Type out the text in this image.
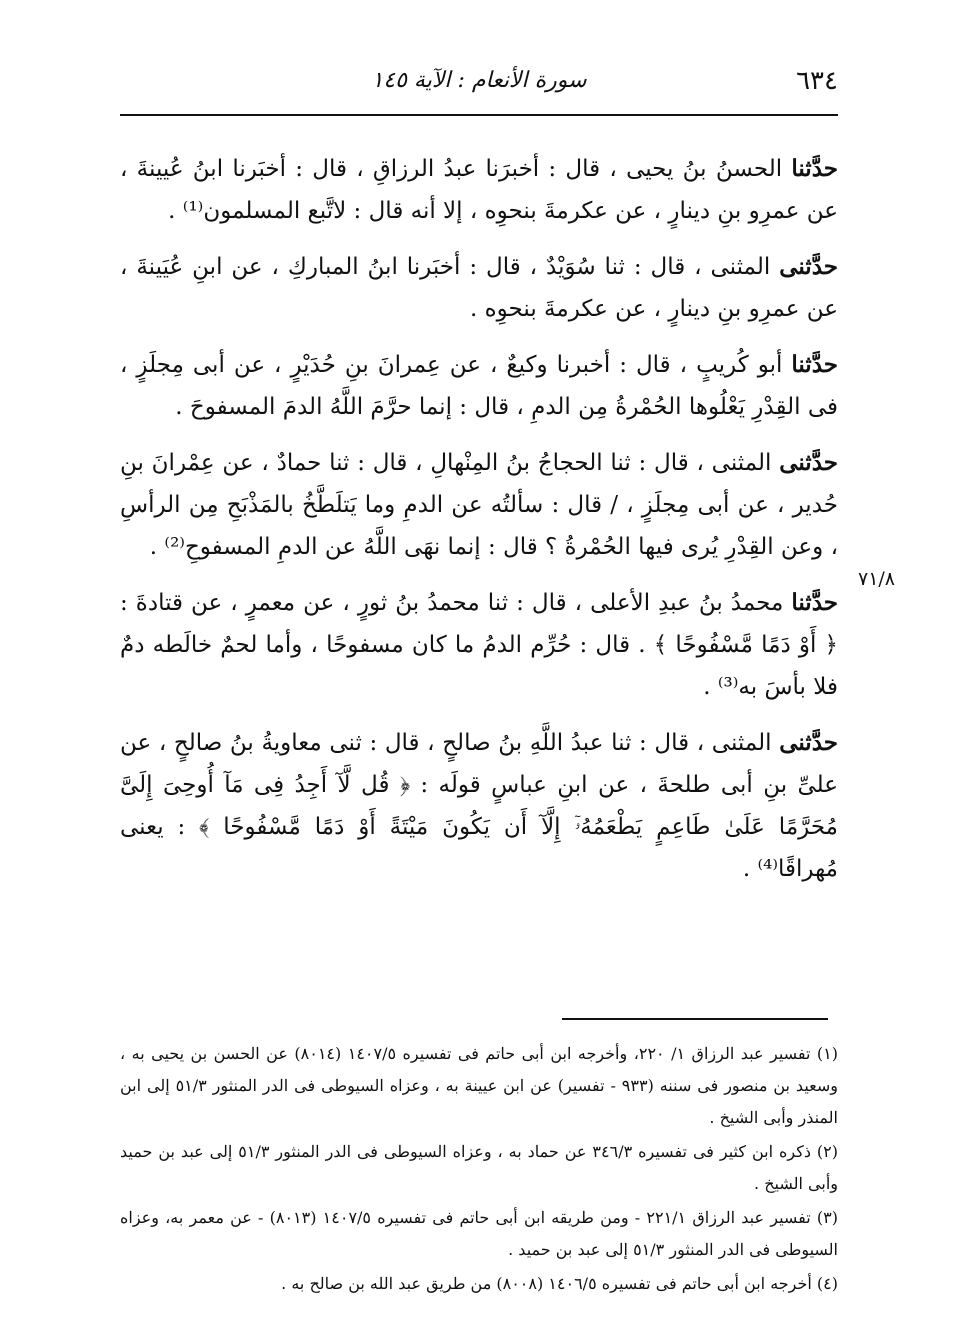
٦٣٤
سورة الأنعام : الآية ١٤٥

حدَّثنا الحسنُ بنُ يحيى ، قال : أخبرَنا عبدُ الرزاقِ ، قال : أخبَرنا ابنُ عُيينةَ ، عن عمرِو بنِ دينارٍ ، عن عكرمةَ بنحوِه ، إلا أنه قال : لاتَّبع المسلمون⁽¹⁾ .

حدَّثنى المثنى ، قال : ثنا سُوَيْدٌ ، قال : أخبَرنا ابنُ المباركِ ، عن ابنِ عُيَينةَ ، عن عمرِو بنِ دينارٍ ، عن عكرمةَ بنحوِه .

حدَّثنا أبو كُريبٍ ، قال : أخبرنا وكيعٌ ، عن عِمرانَ بنِ حُدَيْرٍ ، عن أبى مِجلَزٍ ، فى القِدْرِ يَعْلُوها الحُمْرةُ مِن الدمِ ، قال : إنما حرَّمَ اللَّهُ الدمَ المسفوحَ .

حدَّثنى المثنى ، قال : ثنا الحجاجُ بنُ المِنْهالِ ، قال : ثنا حمادٌ ، عن عِمْرانَ بنِ حُدير ، عن أبى مِجلَزٍ ، / قال : سألتُه عن الدمِ وما يَتلَطَّخُ بالمَذْبَحِ مِن الرأسِ ، وعن القِدْرِ يُرى فيها الحُمْرةُ ؟ قال : إنما نهَى اللَّهُ عن الدمِ المسفوحِ⁽²⁾ .

حدَّثنا محمدُ بنُ عبدِ الأعلى ، قال : ثنا محمدُ بنُ ثورٍ ، عن معمرٍ ، عن قتادةَ : ﴿ أَوْ دَمًا مَّسْفُوحًا ﴾ . قال : حُرِّم الدمُ ما كان مسفوحًا ، وأما لحمٌ خالَطه دمٌ فلا بأسَ به⁽³⁾ .

حدَّثنى المثنى ، قال : ثنا عبدُ اللَّهِ بنُ صالحٍ ، قال : ثنى معاويةُ بنُ صالحٍ ، عن علىِّ بنِ أبى طلحةَ ، عن ابنِ عباسٍ قولَه : ﴿ قُل لَّآ أَجِدُ فِى مَآ أُوحِىَ إِلَىَّ مُحَرَّمًا عَلَىٰ طَاعِمٍ يَطْعَمُهُۥٓ إِلَّآ أَن يَكُونَ مَيْتَةً أَوْ دَمًا مَّسْفُوحًا ﴾ : يعنى مُهراقًا⁽⁴⁾ .

٧١/٨

(١) تفسير عبد الرزاق ١/ ٢٢٠، وأخرجه ابن أبى حاتم فى تفسيره ١٤٠٧/٥ (٨٠١٤) عن الحسن بن يحيى به ، وسعيد بن منصور فى سننه (٩٣٣ - تفسير) عن ابن عيينة به ، وعزاه السيوطى فى الدر المنثور ٥١/٣ إلى ابن المنذر وأبى الشيخ .

(٢) ذكره ابن كثير فى تفسيره ٣٤٦/٣ عن حماد به ، وعزاه السيوطى فى الدر المنثور ٥١/٣ إلى عبد بن حميد وأبى الشيخ .

(٣) تفسير عبد الرزاق ٢٢١/١ - ومن طريقه ابن أبى حاتم فى تفسيره ١٤٠٧/٥ (٨٠١٣) - عن معمر به، وعزاه السيوطى فى الدر المنثور ٥١/٣ إلى عبد بن حميد .

(٤) أخرجه ابن أبى حاتم فى تفسيره ١٤٠٦/٥ (٨٠٠٨) من طريق عبد الله بن صالح به .
